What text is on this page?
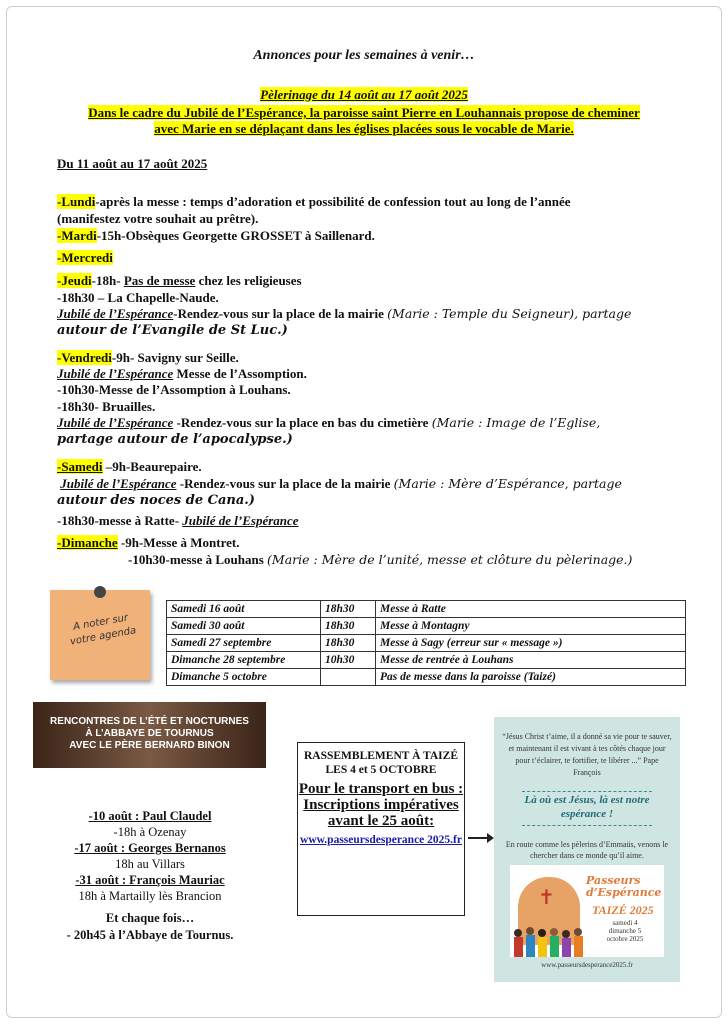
Annonces pour les semaines à venir…
Pèlerinage du 14 août au 17 août 2025
Dans le cadre du Jubilé de l’Espérance, la paroisse saint Pierre en Louhannais propose de cheminer
avec Marie en se déplaçant dans les églises placées sous le vocable de Marie.
Du 11 août au 17 août 2025
-Lundi-après la messe : temps d’adoration et possibilité de confession tout au long de l’année
(manifestez votre souhait au prêtre).
-Mardi-15h-Obsèques Georgette GROSSET à Saillenard.
-Mercredi
-Jeudi-18h- Pas de messe chez les religieuses
-18h30 – La Chapelle-Naude.
Jubilé de l’Espérance-Rendez-vous sur la place de la mairie (Marie : Temple du Seigneur), partage
autour de l’Evangile de St Luc.)
-Vendredi-9h- Savigny sur Seille.
Jubilé de l’Espérance Messe de l’Assomption.
-10h30-Messe de l’Assomption à Louhans.
-18h30- Bruailles.
Jubilé de l’Espérance -Rendez-vous sur la place en bas du cimetière (Marie : Image de l’Eglise,
partage autour de l’apocalypse.)
-Samedi –9h-Beaurepaire.
Jubilé de l’Espérance -Rendez-vous sur la place de la mairie (Marie : Mère d’Espérance, partage
autour des noces de Cana.)
-18h30-messe à Ratte- Jubilé de l’Espérance
-Dimanche -9h-Messe à Montret.
-10h30-messe à Louhans (Marie : Mère de l’unité, messe et clôture du pèlerinage.)
A noter sur votre agenda
Samedi 16 août	18h30	Messe à Ratte
Samedi 30 août	18h30	Messe à Montagny
Samedi 27 septembre	18h30	Messe à Sagy (erreur sur « message »)
Dimanche 28 septembre	10h30	Messe de rentrée à Louhans
Dimanche 5 octobre		Pas de messe dans la paroisse (Taizé)
RENCONTRES DE L’ÉTÉ ET NOCTURNES
À L’ABBAYE DE TOURNUS
AVEC LE PÈRE BERNARD BINON
-10 août : Paul Claudel
-18h à Ozenay
-17 août : Georges Bernanos
18h au Villars
-31 août : François Mauriac
18h à Martailly lès Brancion
Et chaque fois…
- 20h45 à l’Abbaye de Tournus.
RASSEMBLEMENT À TAIZÉ LES 4 et 5 OCTOBRE
Pour le transport en bus : Inscriptions impératives avant le 25 août:
www.passeursdesperance 2025.fr
“Jésus Christ t’aime, il a donné sa vie pour te sauver, et maintenant il est vivant à tes côtés chaque jour pour t’éclairer, te fortifier, te libérer ...” Pape François
Là où est Jésus, là est notre espérance !
En route comme les pèlerins d’Emmaüs, venons le chercher dans ce monde qu’il aime.
✝
Passeurs d’Espérance
TAIZÉ 2025
samedi 4 dimanche 5 octobre 2025
www.passeursdesperance2025.fr
